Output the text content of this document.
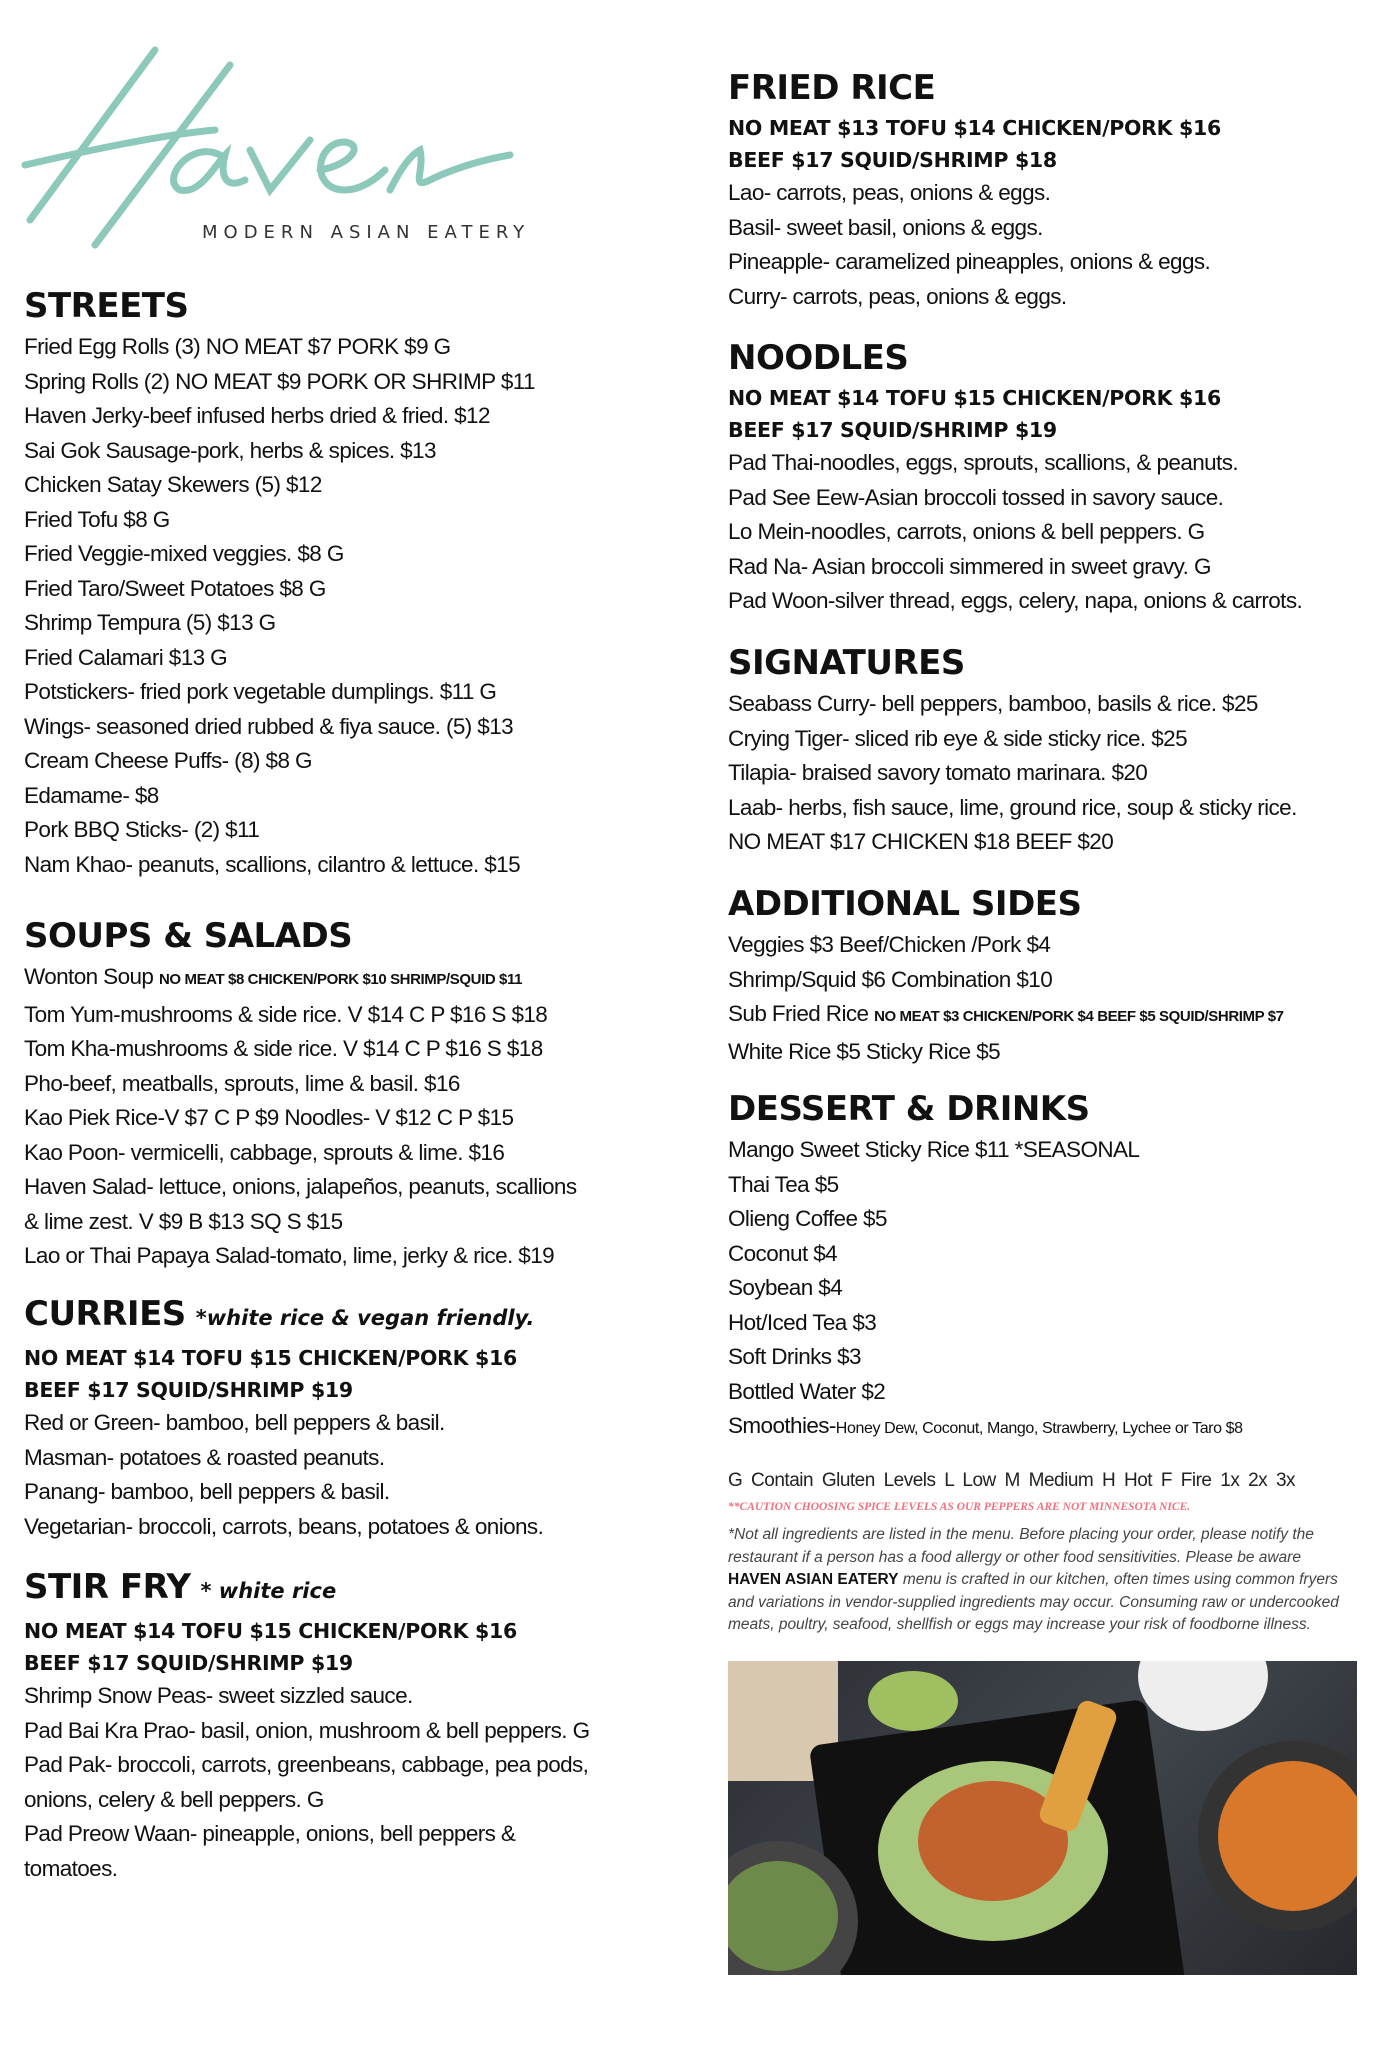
MODERN ASIAN EATERY
STREETS
Fried Egg Rolls (3) NO MEAT $7 PORK $9 G
Spring Rolls (2) NO MEAT $9 PORK OR SHRIMP $11
Haven Jerky-beef infused herbs dried & fried. $12
Sai Gok Sausage-pork, herbs & spices. $13
Chicken Satay Skewers (5) $12
Fried Tofu $8 G
Fried Veggie-mixed veggies. $8 G
Fried Taro/Sweet Potatoes $8 G
Shrimp Tempura (5) $13 G
Fried Calamari $13 G
Potstickers- fried pork vegetable dumplings. $11 G
Wings- seasoned dried rubbed & fiya sauce. (5) $13
Cream Cheese Puffs- (8) $8 G
Edamame- $8
Pork BBQ Sticks- (2) $11
Nam Khao- peanuts, scallions, cilantro & lettuce. $15
SOUPS & SALADS
Wonton Soup NO MEAT $8 CHICKEN/PORK $10 SHRIMP/SQUID $11
Tom Yum-mushrooms & side rice. V $14 C P $16 S $18
Tom Kha-mushrooms & side rice. V $14 C P $16 S $18
Pho-beef, meatballs, sprouts, lime & basil. $16
Kao Piek Rice-V $7 C P $9 Noodles- V $12 C P $15
Kao Poon- vermicelli, cabbage, sprouts & lime. $16
Haven Salad- lettuce, onions, jalapeños, peanuts, scallions
& lime zest. V $9 B $13 SQ S $15
Lao or Thai Papaya Salad-tomato, lime, jerky & rice. $19
CURRIES *white rice & vegan friendly.
NO MEAT $14 TOFU $15 CHICKEN/PORK $16
BEEF $17 SQUID/SHRIMP $19
Red or Green- bamboo, bell peppers & basil.
Masman- potatoes & roasted peanuts.
Panang- bamboo, bell peppers & basil.
Vegetarian- broccoli, carrots, beans, potatoes & onions.
STIR FRY * white rice
NO MEAT $14 TOFU $15 CHICKEN/PORK $16
BEEF $17 SQUID/SHRIMP $19
Shrimp Snow Peas- sweet sizzled sauce.
Pad Bai Kra Prao- basil, onion, mushroom & bell peppers. G
Pad Pak- broccoli, carrots, greenbeans, cabbage, pea pods,
onions, celery & bell peppers. G
Pad Preow Waan- pineapple, onions, bell peppers &
tomatoes.
FRIED RICE
NO MEAT $13 TOFU $14 CHICKEN/PORK $16
BEEF $17 SQUID/SHRIMP $18
Lao- carrots, peas, onions & eggs.
Basil- sweet basil, onions & eggs.
Pineapple- caramelized pineapples, onions & eggs.
Curry- carrots, peas, onions & eggs.
NOODLES
NO MEAT $14 TOFU $15 CHICKEN/PORK $16
BEEF $17 SQUID/SHRIMP $19
Pad Thai-noodles, eggs, sprouts, scallions, & peanuts.
Pad See Eew-Asian broccoli tossed in savory sauce.
Lo Mein-noodles, carrots, onions & bell peppers. G
Rad Na- Asian broccoli simmered in sweet gravy. G
Pad Woon-silver thread, eggs, celery, napa, onions & carrots.
SIGNATURES
Seabass Curry- bell peppers, bamboo, basils & rice. $25
Crying Tiger- sliced rib eye & side sticky rice. $25
Tilapia- braised savory tomato marinara. $20
Laab- herbs, fish sauce, lime, ground rice, soup & sticky rice.
NO MEAT $17 CHICKEN $18 BEEF $20
ADDITIONAL SIDES
Veggies $3 Beef/Chicken /Pork $4
Shrimp/Squid $6 Combination $10
Sub Fried Rice NO MEAT $3 CHICKEN/PORK $4 BEEF $5 SQUID/SHRIMP $7
White Rice $5 Sticky Rice $5
DESSERT & DRINKS
Mango Sweet Sticky Rice $11 *SEASONAL
Thai Tea $5
Olieng Coffee $5
Coconut $4
Soybean $4
Hot/Iced Tea $3
Soft Drinks $3
Bottled Water $2
Smoothies-Honey Dew, Coconut, Mango, Strawberry, Lychee or Taro $8
G Contain Gluten Levels L Low M Medium H Hot F Fire 1x 2x 3x
**CAUTION CHOOSING SPICE LEVELS AS OUR PEPPERS ARE NOT MINNESOTA NICE.
*Not all ingredients are listed in the menu. Before placing your order, please notify the restaurant if a person has a food allergy or other food sensitivities. Please be aware HAVEN ASIAN EATERY menu is crafted in our kitchen, often times using common fryers and variations in vendor-supplied ingredients may occur. Consuming raw or undercooked meats, poultry, seafood, shellfish or eggs may increase your risk of foodborne illness.
